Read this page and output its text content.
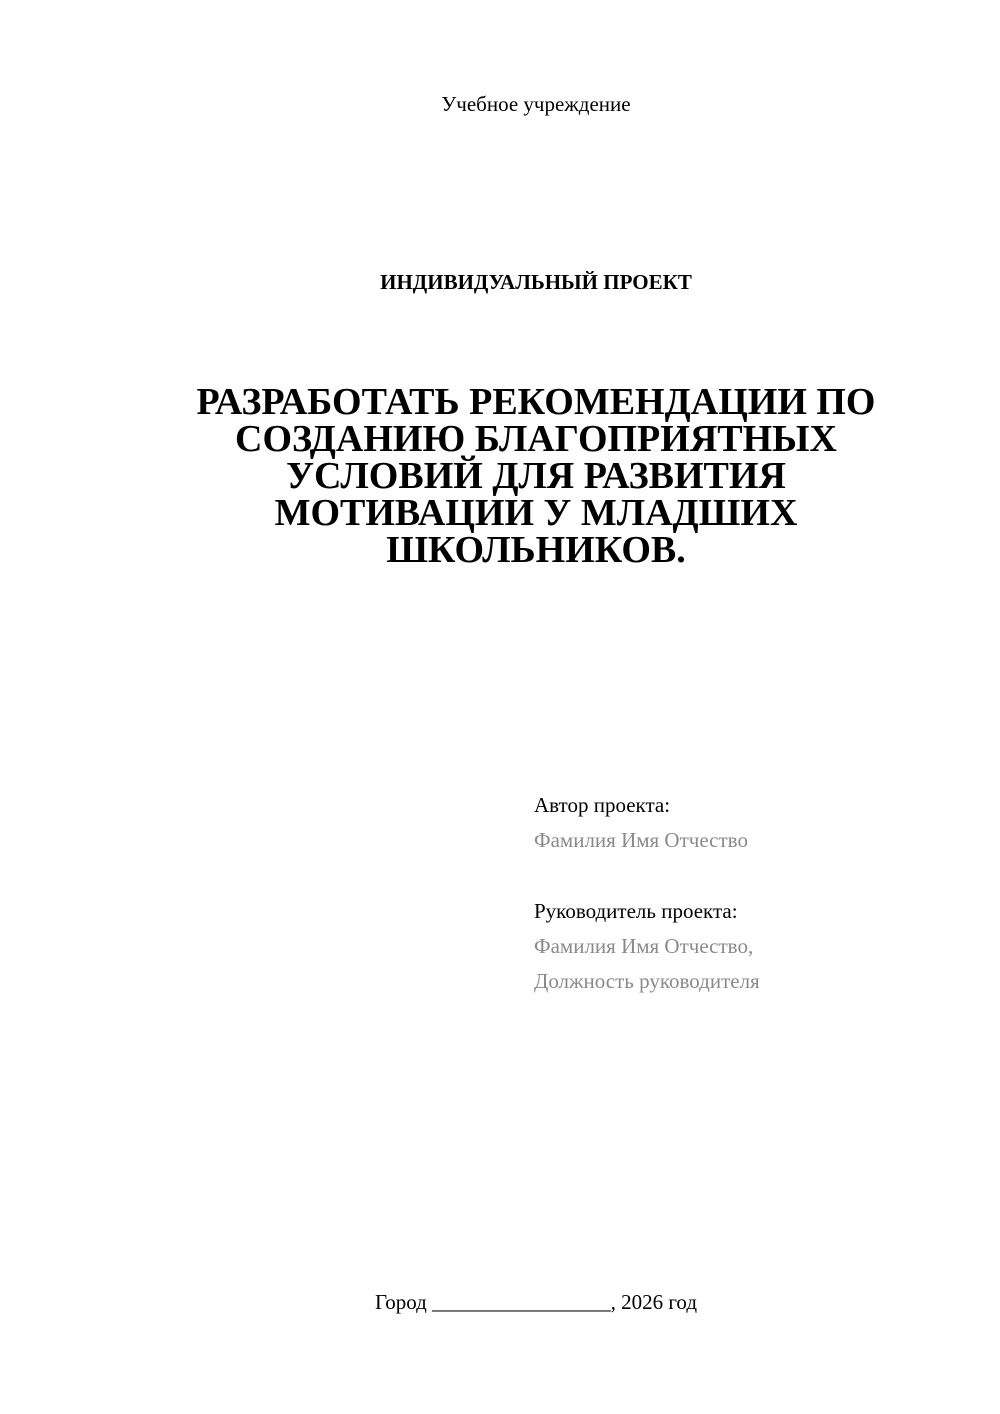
Учебное учреждение
ИНДИВИДУАЛЬНЫЙ ПРОЕКТ
РАЗРАБОТАТЬ РЕКОМЕНДАЦИИ ПО
СОЗДАНИЮ БЛАГОПРИЯТНЫХ
УСЛОВИЙ ДЛЯ РАЗВИТИЯ
МОТИВАЦИИ У МЛАДШИХ
ШКОЛЬНИКОВ.
Автор проекта:
Фамилия Имя Отчество
Руководитель проекта:
Фамилия Имя Отчество,
Должность руководителя
Город _________________, 2026 год
